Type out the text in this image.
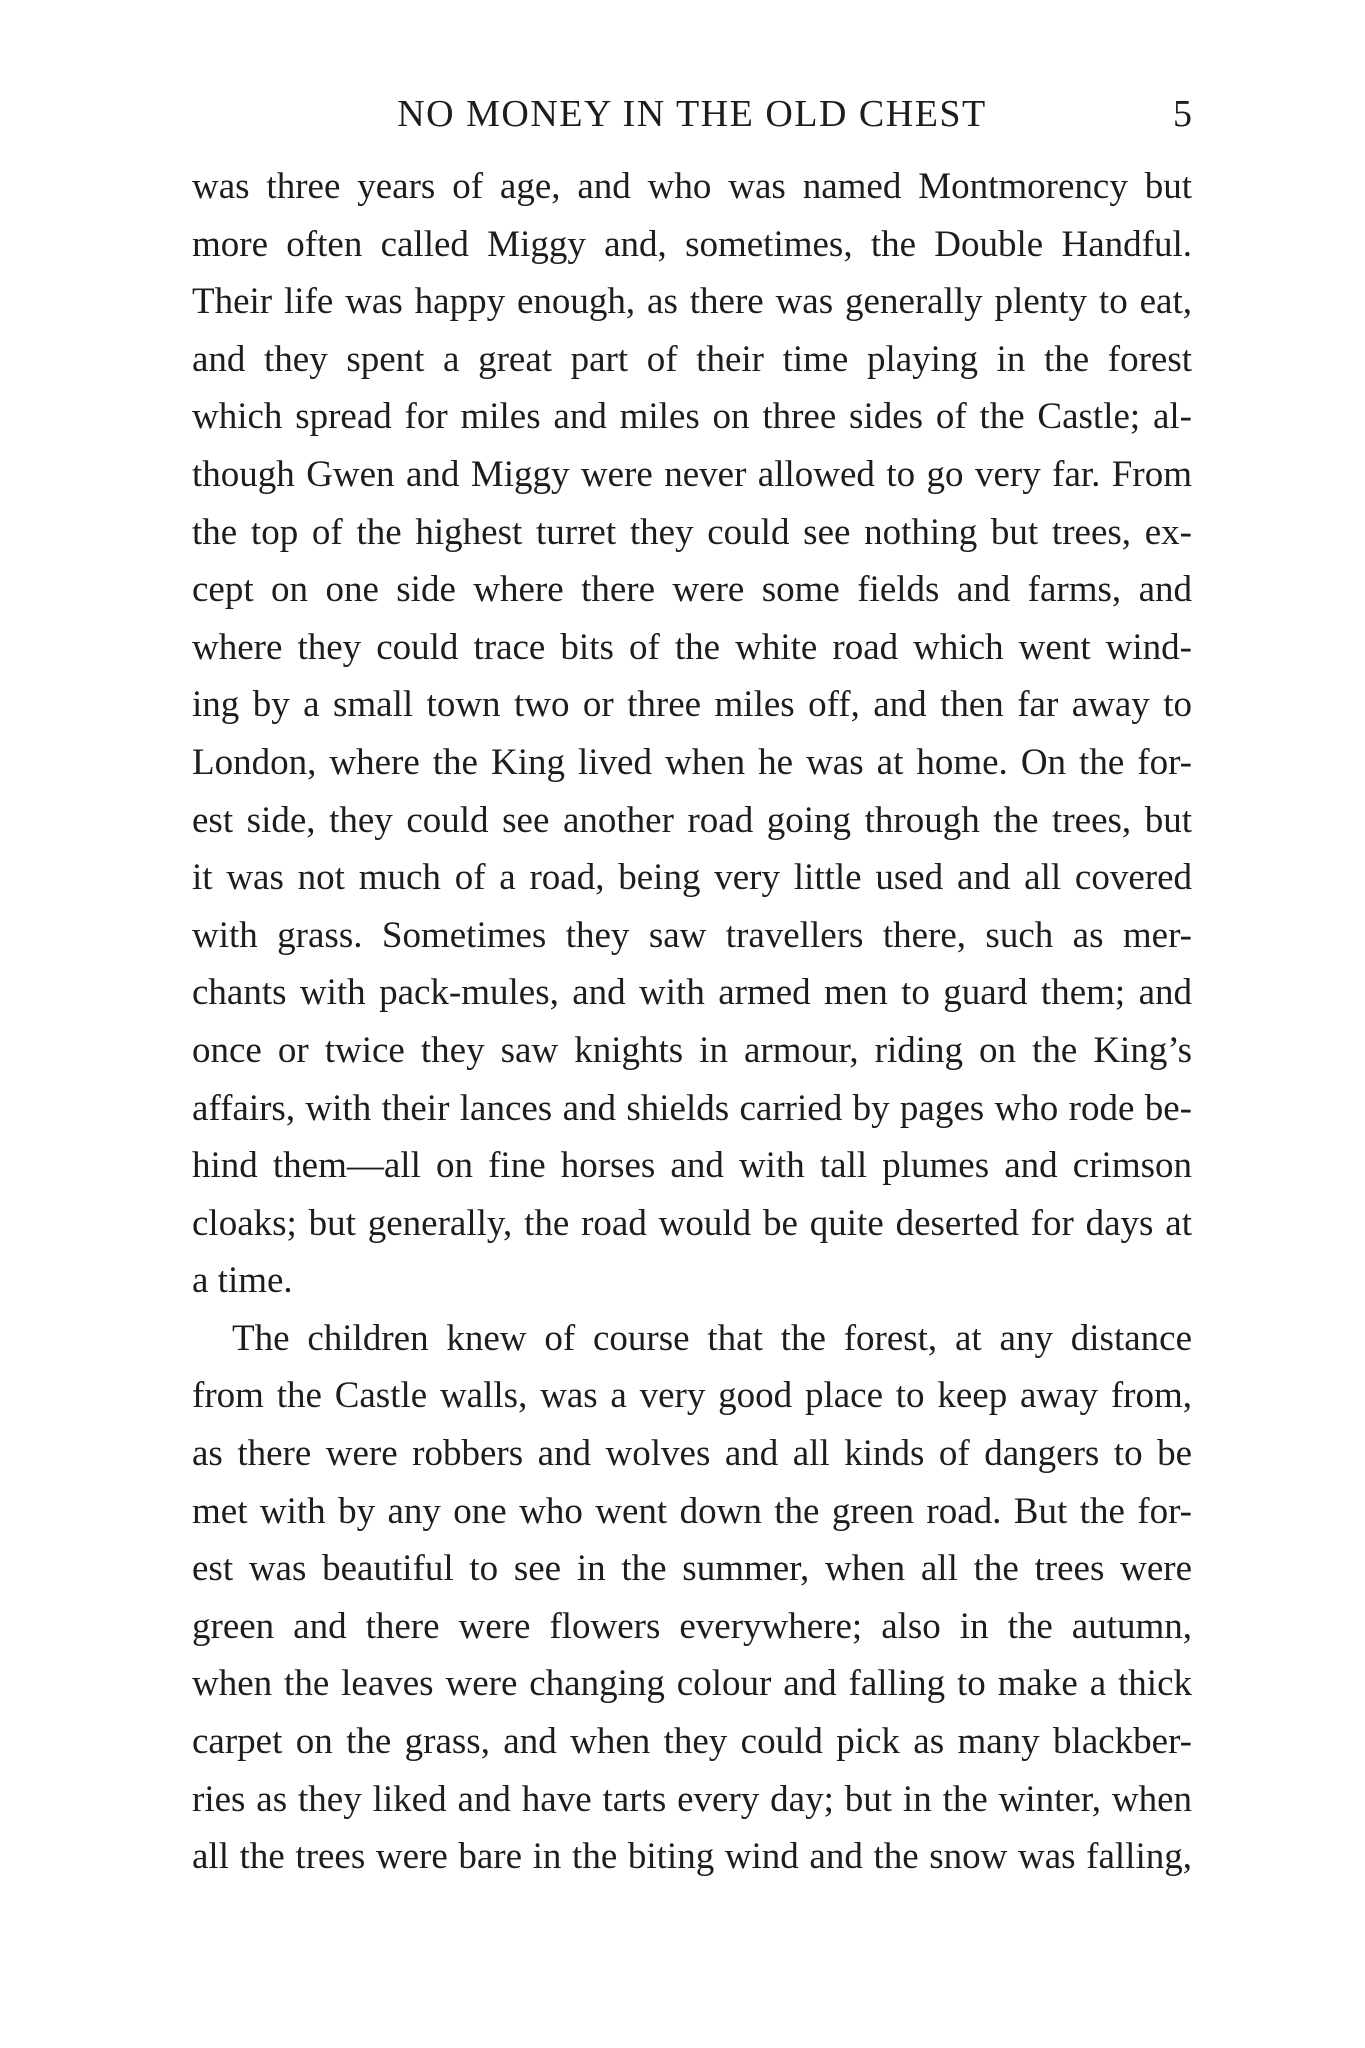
NO MONEY IN THE OLD CHEST	5
was three years of age, and who was named Montmorency but
more often called Miggy and, sometimes, the Double Handful.
Their life was happy enough, as there was generally plenty to eat,
and they spent a great part of their time playing in the forest
which spread for miles and miles on three sides of the Castle; al-
though Gwen and Miggy were never allowed to go very far. From
the top of the highest turret they could see nothing but trees, ex-
cept on one side where there were some fields and farms, and
where they could trace bits of the white road which went wind-
ing by a small town two or three miles off, and then far away to
London, where the King lived when he was at home. On the for-
est side, they could see another road going through the trees, but
it was not much of a road, being very little used and all covered
with grass. Sometimes they saw travellers there, such as mer-
chants with pack-mules, and with armed men to guard them; and
once or twice they saw knights in armour, riding on the King’s
affairs, with their lances and shields carried by pages who rode be-
hind them—all on fine horses and with tall plumes and crimson
cloaks; but generally, the road would be quite deserted for days at
a time.
The children knew of course that the forest, at any distance
from the Castle walls, was a very good place to keep away from,
as there were robbers and wolves and all kinds of dangers to be
met with by any one who went down the green road. But the for-
est was beautiful to see in the summer, when all the trees were
green and there were flowers everywhere; also in the autumn,
when the leaves were changing colour and falling to make a thick
carpet on the grass, and when they could pick as many blackber-
ries as they liked and have tarts every day; but in the winter, when
all the trees were bare in the biting wind and the snow was falling,
